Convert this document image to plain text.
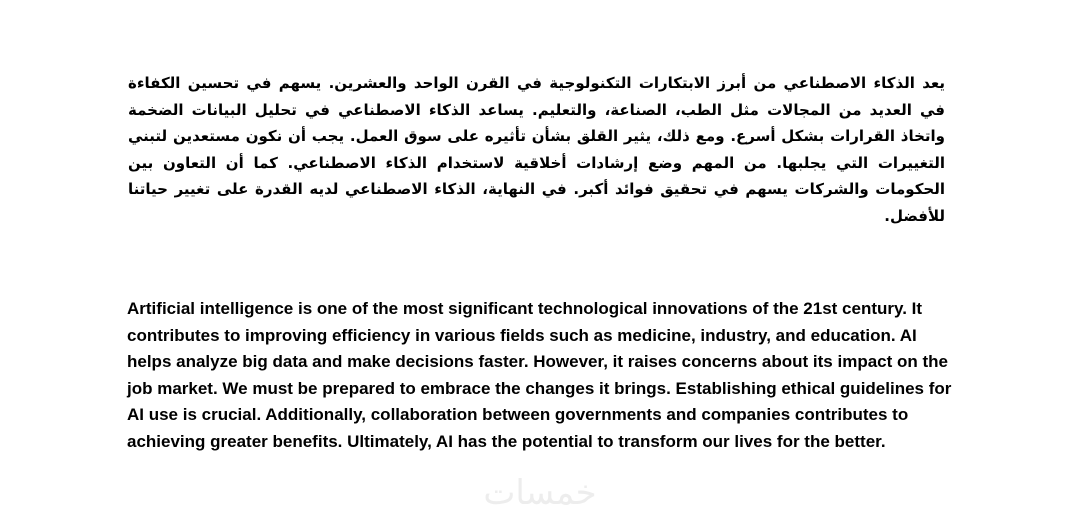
يعد الذكاء الاصطناعي من أبرز الابتكارات التكنولوجية في القرن الواحد والعشرين. يسهم في تحسين الكفاءة في العديد من المجالات مثل الطب، الصناعة، والتعليم. يساعد الذكاء الاصطناعي في تحليل البيانات الضخمة واتخاذ القرارات بشكل أسرع. ومع ذلك، يثير القلق بشأن تأثيره على سوق العمل. يجب أن نكون مستعدين لتبني التغييرات التي يجلبها. من المهم وضع إرشادات أخلاقية لاستخدام الذكاء الاصطناعي. كما أن التعاون بين الحكومات والشركات يسهم في تحقيق فوائد أكبر. في النهاية، الذكاء الاصطناعي لديه القدرة على تغيير حياتنا للأفضل.

Artificial intelligence is one of the most significant technological innovations of the 21st century. It contributes to improving efficiency in various fields such as medicine, industry, and education. AI helps analyze big data and make decisions faster. However, it raises concerns about its impact on the job market. We must be prepared to embrace the changes it brings. Establishing ethical guidelines for AI use is crucial. Additionally, collaboration between governments and companies contributes to achieving greater benefits. Ultimately, AI has the potential to transform our lives for the better.

خمسات
